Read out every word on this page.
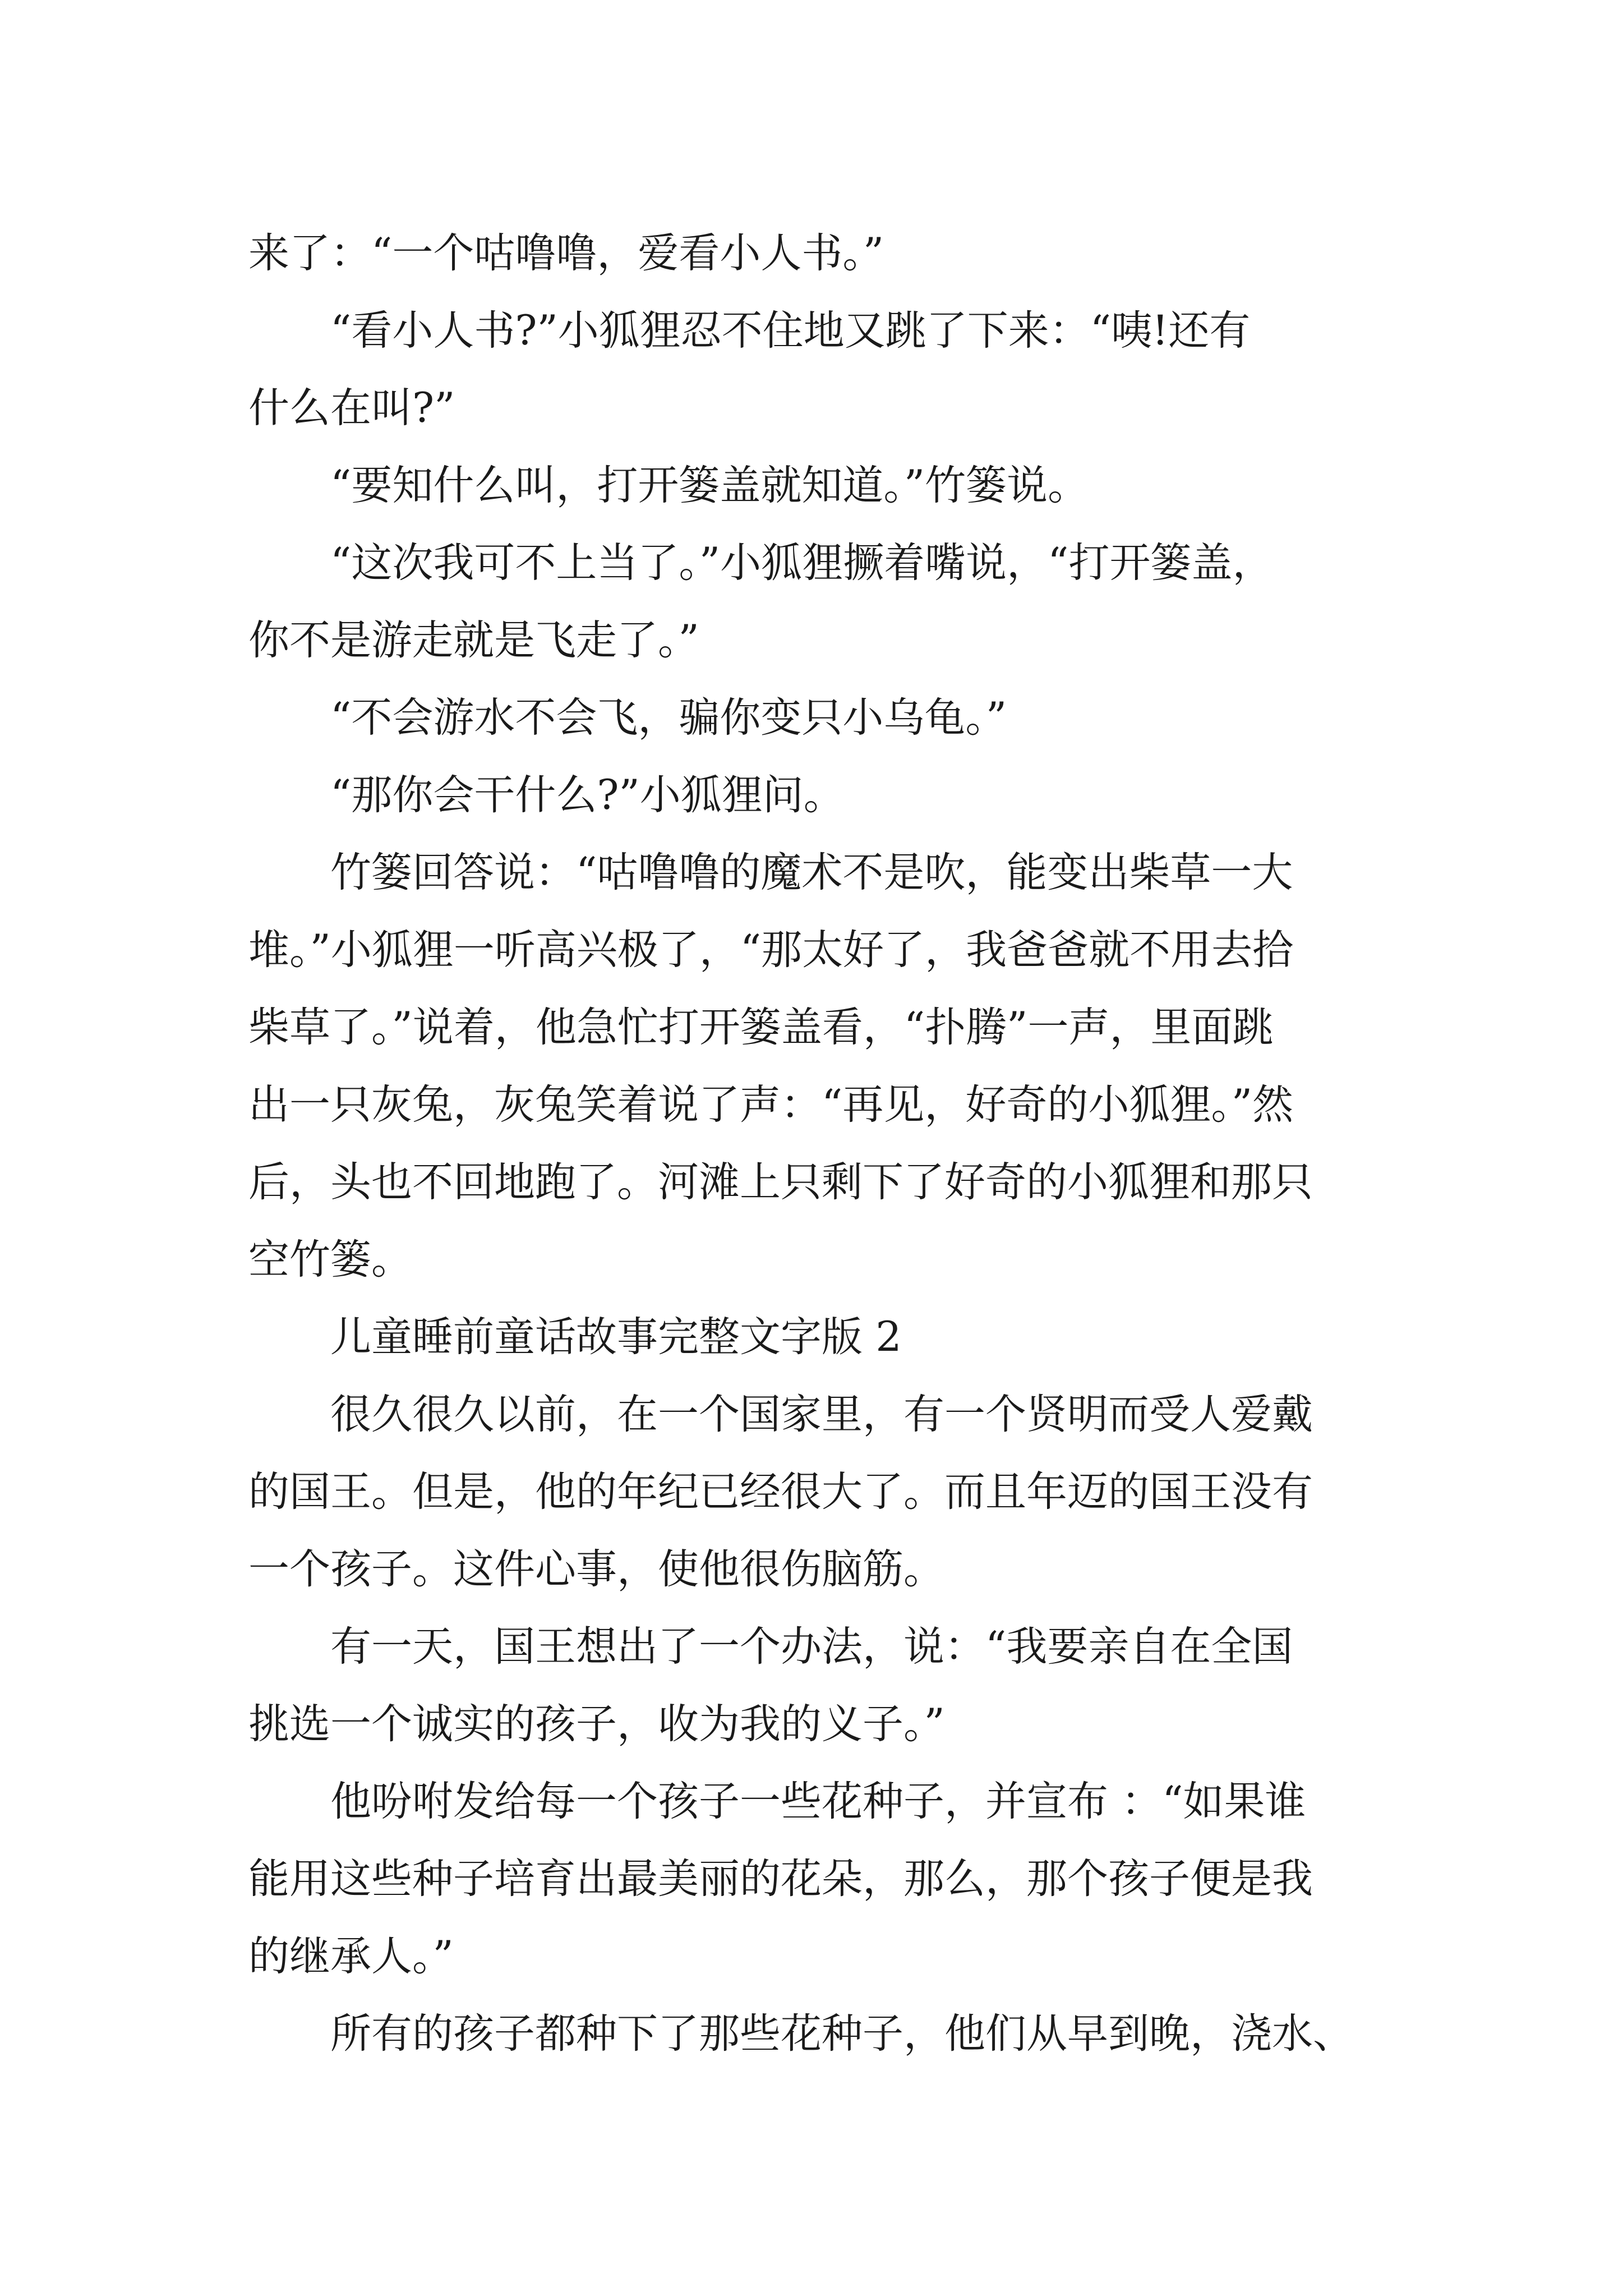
来了：“一个咕噜噜，爱看小人书。”

　　“看小人书?”小狐狸忍不住地又跳了下来：“咦!还有
什么在叫?”

　　“要知什么叫，打开篓盖就知道。”竹篓说。

　　“这次我可不上当了。”小狐狸撅着嘴说，“打开篓盖，
你不是游走就是飞走了。”

　　“不会游水不会飞，骗你变只小乌龟。”

　　“那你会干什么?”小狐狸问。

　　竹篓回答说：“咕噜噜的魔术不是吹，能变出柴草一大
堆。”小狐狸一听高兴极了，“那太好了，我爸爸就不用去拾
柴草了。”说着，他急忙打开篓盖看，“扑腾”一声，里面跳
出一只灰兔，灰兔笑着说了声：“再见，好奇的小狐狸。”然
后，头也不回地跑了。河滩上只剩下了好奇的小狐狸和那只
空竹篓。

　　儿童睡前童话故事完整文字版 2

　　很久很久以前，在一个国家里，有一个贤明而受人爱戴
的国王。但是，他的年纪已经很大了。而且年迈的国王没有
一个孩子。这件心事，使他很伤脑筋。

　　有一天，国王想出了一个办法，说：“我要亲自在全国
挑选一个诚实的孩子，收为我的义子。”

　　他吩咐发给每一个孩子一些花种子，并宣布 ：“如果谁
能用这些种子培育出最美丽的花朵，那么，那个孩子便是我
的继承人。”

　　所有的孩子都种下了那些花种子，他们从早到晚，浇水、
